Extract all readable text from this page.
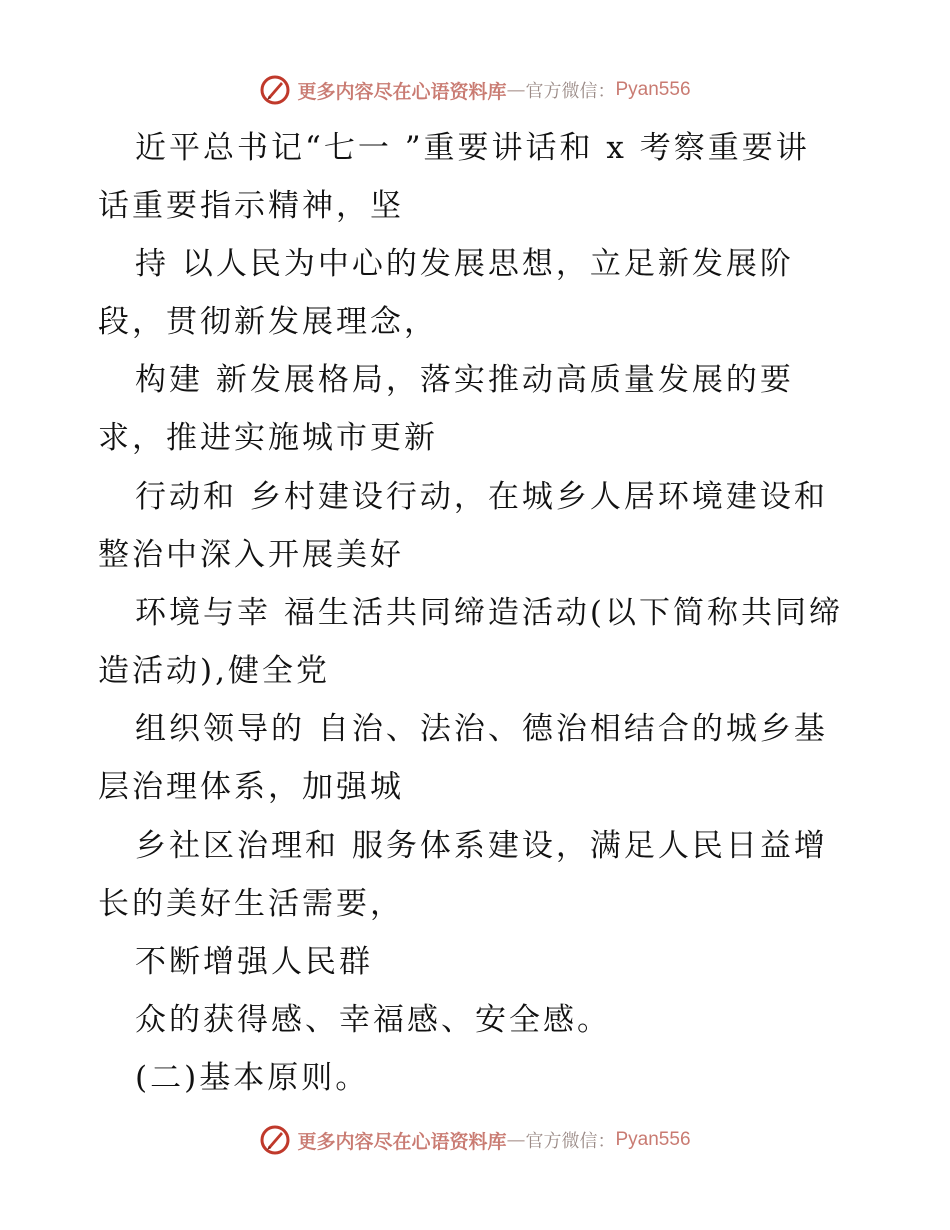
更多内容尽在心语资料库 — 官方微信： Pyan556
近平总书记“七一 ”重要讲话和 x 考察重要讲
话重要指示精神，坚
持 以人民为中心的发展思想，立足新发展阶
段，贯彻新发展理念，
构建 新发展格局，落实推动高质量发展的要
求，推进实施城市更新
行动和 乡村建设行动，在城乡人居环境建设和
整治中深入开展美好
环境与幸 福生活共同缔造活动(以下简称共同缔
造活动),健全党
组织领导的 自治、法治、德治相结合的城乡基
层治理体系，加强城
乡社区治理和 服务体系建设，满足人民日益增
长的美好生活需要，
不断增强人民群
众的获得感、幸福感、安全感。
(二)基本原则。
更多内容尽在心语资料库 — 官方微信： Pyan556
